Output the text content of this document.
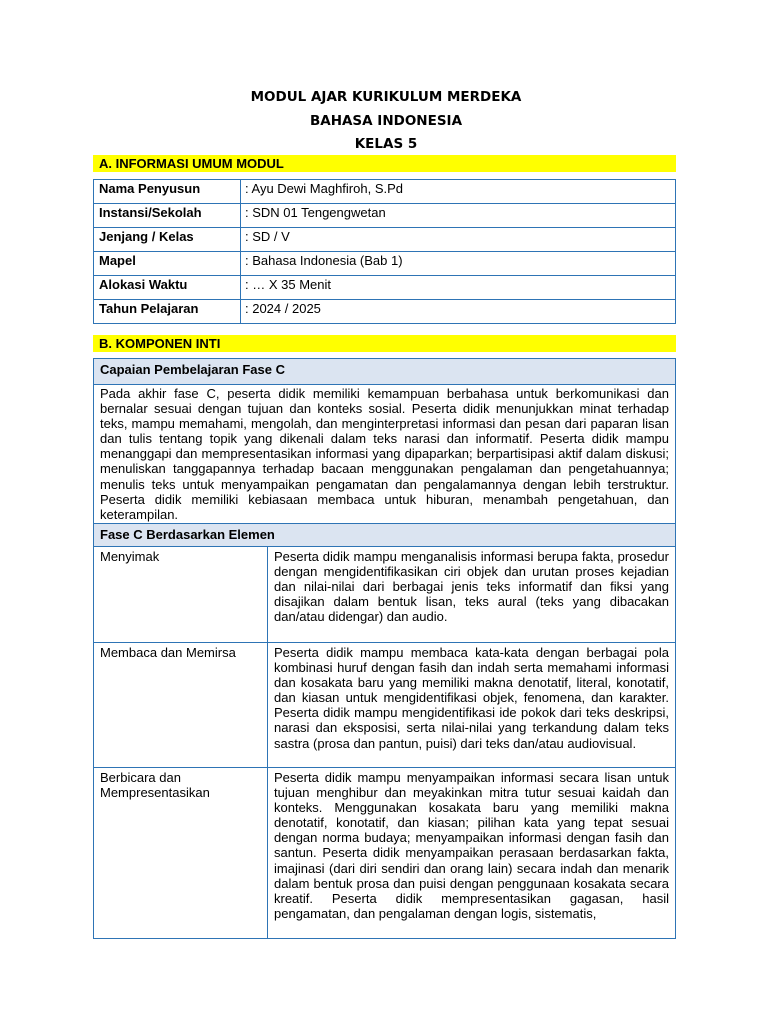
MODUL AJAR KURIKULUM MERDEKA
BAHASA INDONESIA
KELAS 5
A. INFORMASI UMUM MODUL
Nama Penyusun	: Ayu Dewi Maghfiroh, S.Pd
Instansi/Sekolah	: SDN 01 Tengengwetan
Jenjang / Kelas	: SD / V
Mapel	: Bahasa Indonesia (Bab 1)
Alokasi Waktu	: … X 35 Menit
Tahun Pelajaran	: 2024 / 2025
B. KOMPONEN INTI
Capaian Pembelajaran Fase C
Pada akhir fase C, peserta didik memiliki kemampuan berbahasa untuk berkomunikasi dan bernalar sesuai dengan tujuan dan konteks sosial. Peserta didik menunjukkan minat terhadap teks, mampu memahami, mengolah, dan menginterpretasi informasi dan pesan dari paparan lisan dan tulis tentang topik yang dikenali dalam teks narasi dan informatif. Peserta didik mampu menanggapi dan mempresentasikan informasi yang dipaparkan; berpartisipasi aktif dalam diskusi; menuliskan tanggapannya terhadap bacaan menggunakan pengalaman dan pengetahuannya; menulis teks untuk menyampaikan pengamatan dan pengalamannya dengan lebih terstruktur. Peserta didik memiliki kebiasaan membaca untuk hiburan, menambah pengetahuan, dan keterampilan.
Fase C Berdasarkan Elemen
Menyimak	Peserta didik mampu menganalisis informasi berupa fakta, prosedur dengan mengidentifikasikan ciri objek dan urutan proses kejadian dan nilai-nilai dari berbagai jenis teks informatif dan fiksi yang disajikan dalam bentuk lisan, teks aural (teks yang dibacakan dan/atau didengar) dan audio.
Membaca dan Memirsa	Peserta didik mampu membaca kata-kata dengan berbagai pola kombinasi huruf dengan fasih dan indah serta memahami informasi dan kosakata baru yang memiliki makna denotatif, literal, konotatif, dan kiasan untuk mengidentifikasi objek, fenomena, dan karakter. Peserta didik mampu mengidentifikasi ide pokok dari teks deskripsi, narasi dan eksposisi, serta nilai-nilai yang terkandung dalam teks sastra (prosa dan pantun, puisi) dari teks dan/atau audiovisual.
Berbicara dan Mempresentasikan	Peserta didik mampu menyampaikan informasi secara lisan untuk tujuan menghibur dan meyakinkan mitra tutur sesuai kaidah dan konteks. Menggunakan kosakata baru yang memiliki makna denotatif, konotatif, dan kiasan; pilihan kata yang tepat sesuai dengan norma budaya; menyampaikan informasi dengan fasih dan santun. Peserta didik menyampaikan perasaan berdasarkan fakta, imajinasi (dari diri sendiri dan orang lain) secara indah dan menarik dalam bentuk prosa dan puisi dengan penggunaan kosakata secara kreatif. Peserta didik mempresentasikan gagasan, hasil pengamatan, dan pengalaman dengan logis, sistematis,
